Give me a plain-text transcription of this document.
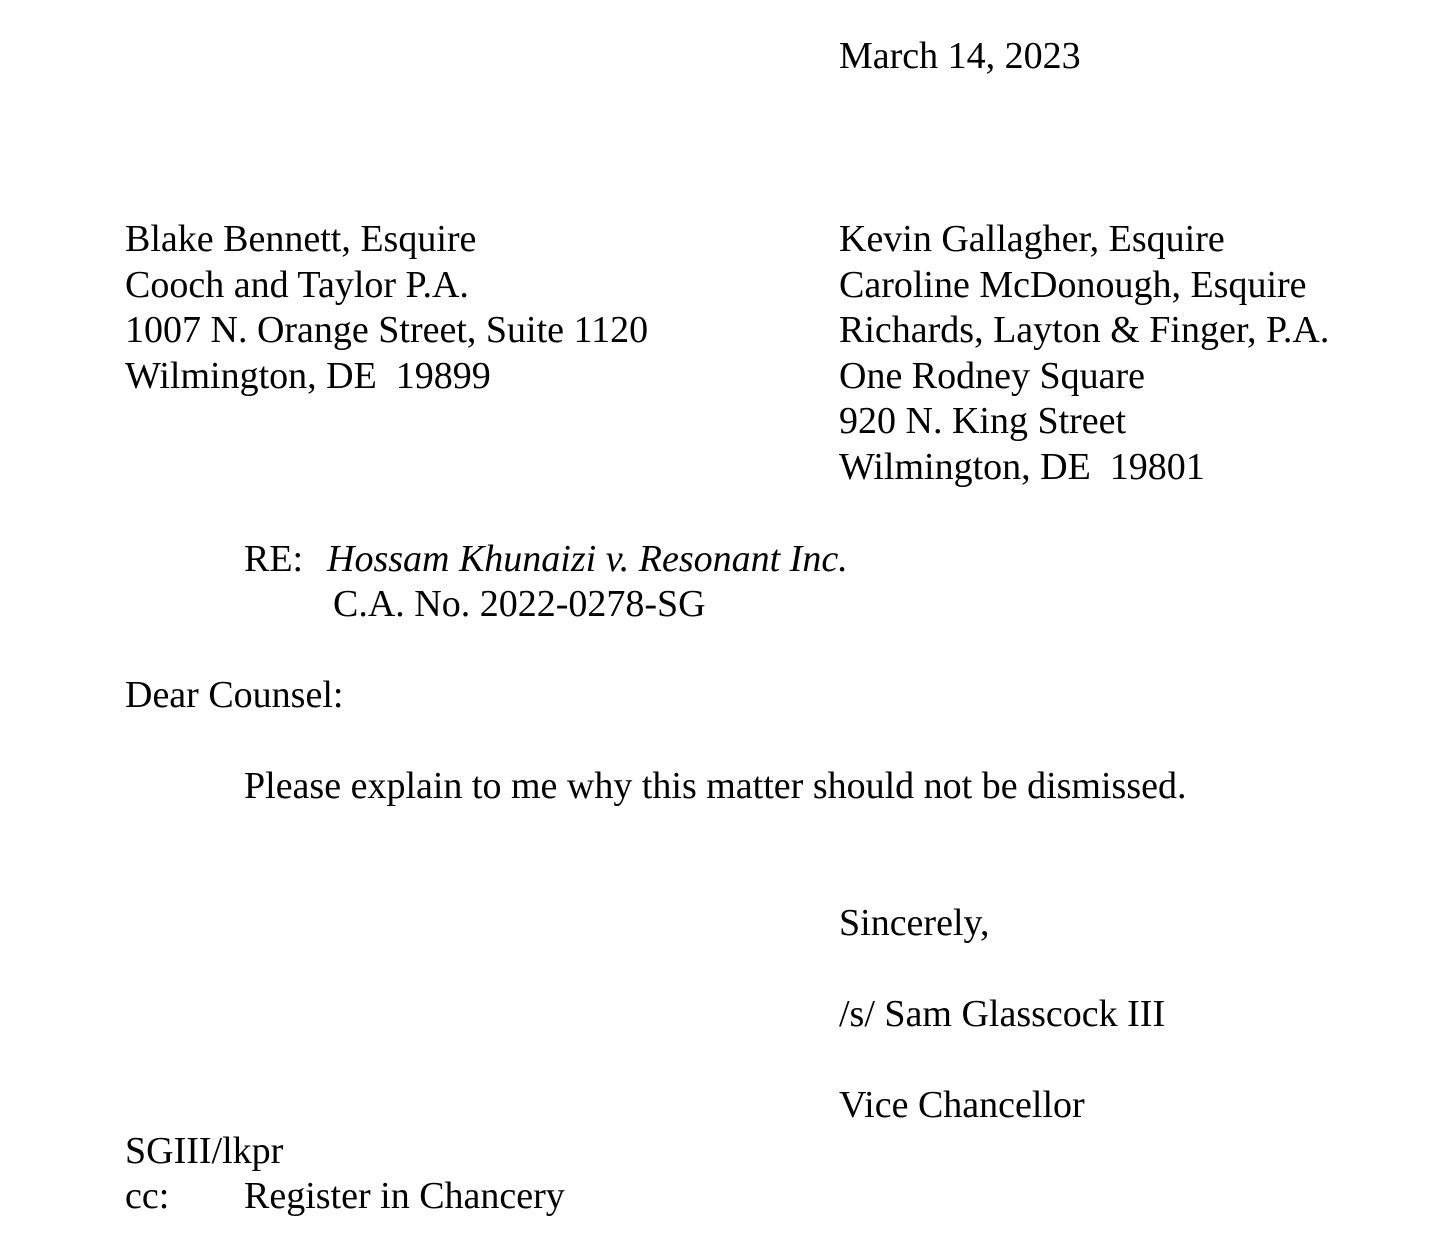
March 14, 2023
Blake Bennett, Esquire
Cooch and Taylor P.A.
1007 N. Orange Street, Suite 1120
Wilmington, DE  19899
Kevin Gallagher, Esquire
Caroline McDonough, Esquire
Richards, Layton & Finger, P.A.
One Rodney Square
920 N. King Street
Wilmington, DE  19801
RE: Hossam Khunaizi v. Resonant Inc.
C.A. No. 2022-0278-SG
Dear Counsel:
Please explain to me why this matter should not be dismissed.
Sincerely,
/s/ Sam Glasscock III
Vice Chancellor
SGIII/lkpr
cc: Register in Chancery
